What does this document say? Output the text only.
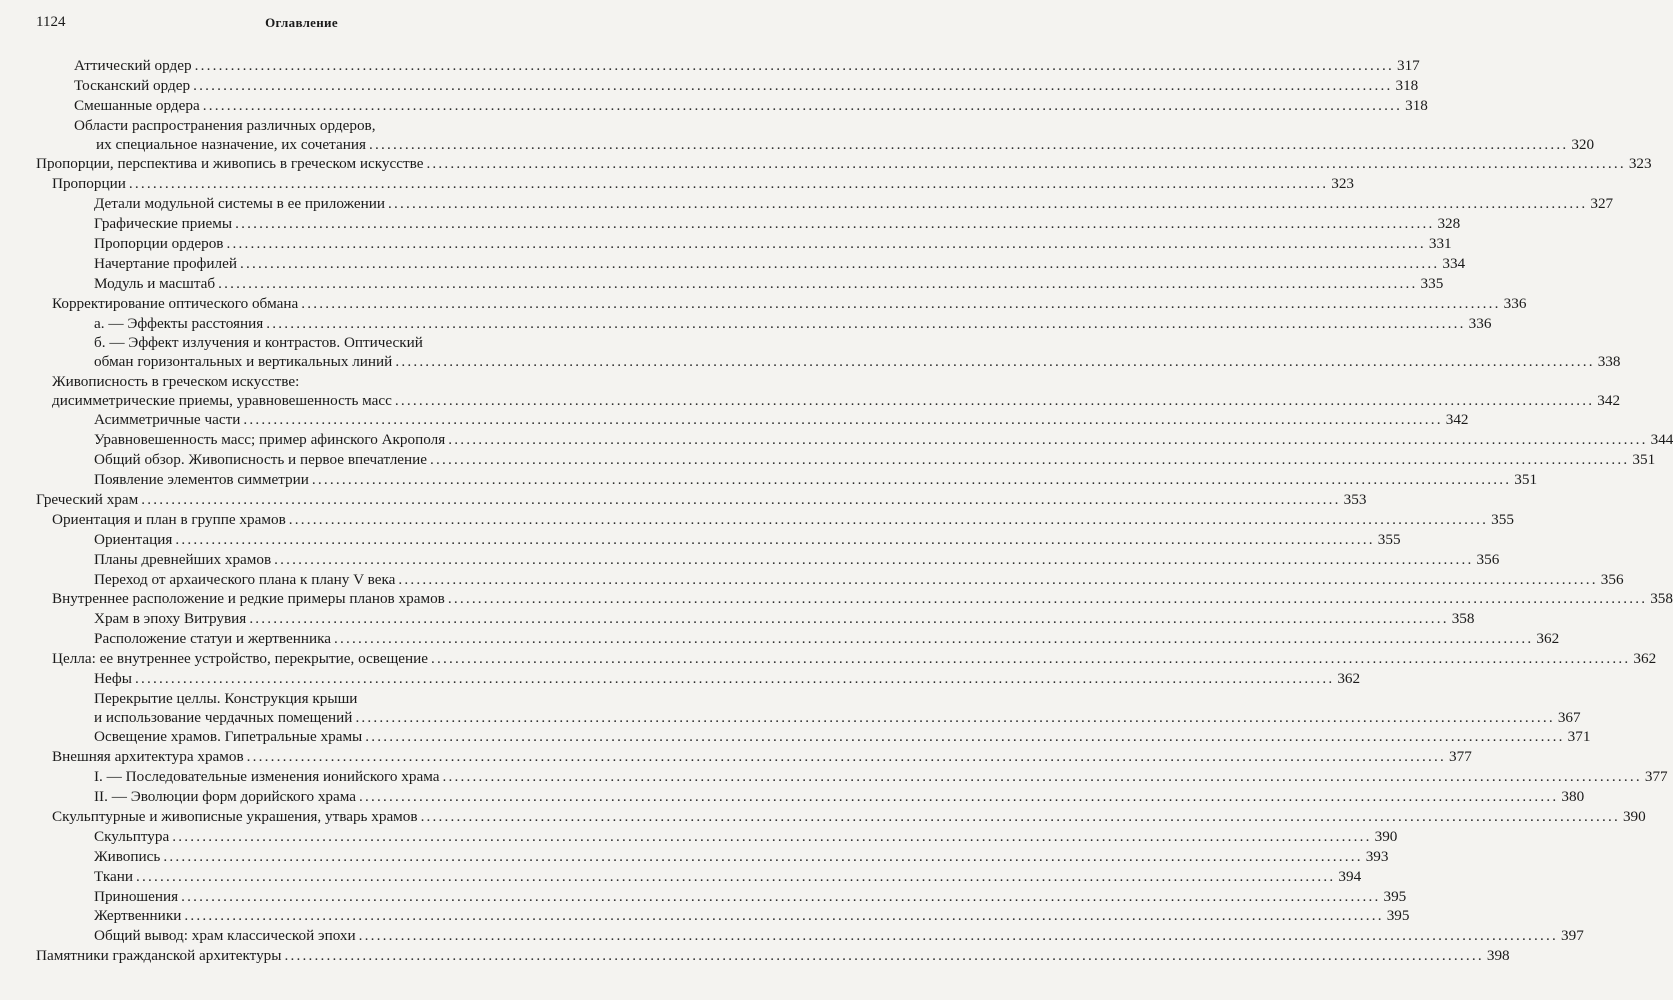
1124	Оглавление
Аттический ордер ........................................................................................................................................................................................................ 317
Тосканский ордер ........................................................................................................................................................................................................ 318
Смешанные ордера ........................................................................................................................................................................................................ 318
Области распространения различных ордеров,
их специальное назначение, их сочетания ........................................................................................................................................................................................................ 320
Пропорции, перспектива и живопись в греческом искусстве ........................................................................................................................................................................................................ 323
Пропорции ........................................................................................................................................................................................................ 323
Детали модульной системы в ее приложении ........................................................................................................................................................................................................ 327
Графические приемы ........................................................................................................................................................................................................ 328
Пропорции ордеров ........................................................................................................................................................................................................ 331
Начертание профилей ........................................................................................................................................................................................................ 334
Модуль и масштаб ........................................................................................................................................................................................................ 335
Корректирование оптического обмана ........................................................................................................................................................................................................ 336
а. — Эффекты расстояния ........................................................................................................................................................................................................ 336
б. — Эффект излучения и контрастов. Оптический
обман горизонтальных и вертикальных линий ........................................................................................................................................................................................................ 338
Живописность в греческом искусстве:
дисимметрические приемы, уравновешенность масс ........................................................................................................................................................................................................ 342
Асимметричные части ........................................................................................................................................................................................................ 342
Уравновешенность масс; пример афинского Акрополя ........................................................................................................................................................................................................ 344
Общий обзор. Живописность и первое впечатление ........................................................................................................................................................................................................ 351
Появление элементов симметрии ........................................................................................................................................................................................................ 351
Греческий храм ........................................................................................................................................................................................................ 353
Ориентация и план в группе храмов ........................................................................................................................................................................................................ 355
Ориентация ........................................................................................................................................................................................................ 355
Планы древнейших храмов ........................................................................................................................................................................................................ 356
Переход от архаического плана к плану V века ........................................................................................................................................................................................................ 356
Внутреннее расположение и редкие примеры планов храмов ........................................................................................................................................................................................................ 358
Храм в эпоху Витрувия ........................................................................................................................................................................................................ 358
Расположение статуи и жертвенника ........................................................................................................................................................................................................ 362
Целла: ее внутреннее устройство, перекрытие, освещение ........................................................................................................................................................................................................ 362
Нефы ........................................................................................................................................................................................................ 362
Перекрытие целлы. Конструкция крыши
и использование чердачных помещений ........................................................................................................................................................................................................ 367
Освещение храмов. Гипетральные храмы ........................................................................................................................................................................................................ 371
Внешняя архитектура храмов ........................................................................................................................................................................................................ 377
I. — Последовательные изменения ионийского храма ........................................................................................................................................................................................................ 377
II. — Эволюции форм дорийского храма ........................................................................................................................................................................................................ 380
Скульптурные и живописные украшения, утварь храмов ........................................................................................................................................................................................................ 390
Скульптура ........................................................................................................................................................................................................ 390
Живопись ........................................................................................................................................................................................................ 393
Ткани ........................................................................................................................................................................................................ 394
Приношения ........................................................................................................................................................................................................ 395
Жертвенники ........................................................................................................................................................................................................ 395
Общий вывод: храм классической эпохи ........................................................................................................................................................................................................ 397
Памятники гражданской архитектуры ........................................................................................................................................................................................................ 398
